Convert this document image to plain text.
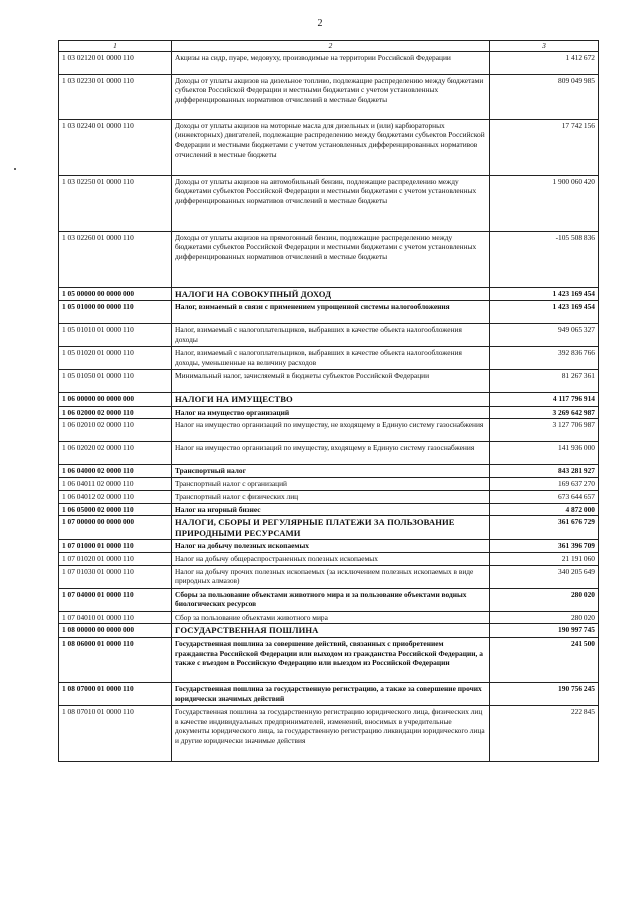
2
1	2	3
1 03 02120 01 0000 110	Акцизы на сидр, пуаре, медовуху, производимые на территории Российской Федерации	1 412 672
1 03 02230 01 0000 110	Доходы от уплаты акцизов на дизельное топливо, подлежащие распределению между бюджетами субъектов Российской Федерации и местными бюджетами с учетом установленных дифференцированных нормативов отчислений в местные бюджеты	809 049 985
1 03 02240 01 0000 110	Доходы от уплаты акцизов на моторные масла для дизельных и (или) карбюраторных (инжекторных) двигателей, подлежащие распределению между бюджетами субъектов Российской Федерации и местными бюджетами с учетом установленных дифференцированных нормативов отчислений в местные бюджеты	17 742 156
1 03 02250 01 0000 110	Доходы от уплаты акцизов на автомобильный бензин, подлежащие распределению между бюджетами субъектов Российской Федерации и местными бюджетами с учетом установленных дифференцированных нормативов отчислений в местные бюджеты	1 900 060 420
1 03 02260 01 0000 110	Доходы от уплаты акцизов на прямогонный бензин, подлежащие распределению между бюджетами субъектов Российской Федерации и местными бюджетами с учетом установленных дифференцированных нормативов отчислений в местные бюджеты	-105 508 836
1 05 00000 00 0000 000	НАЛОГИ НА СОВОКУПНЫЙ ДОХОД	1 423 169 454
1 05 01000 00 0000 110	Налог, взимаемый в связи с применением упрощенной системы налогообложения	1 423 169 454
1 05 01010 01 0000 110	Налог, взимаемый с налогоплательщиков, выбравших в качестве объекта налогообложения доходы	949 065 327
1 05 01020 01 0000 110	Налог, взимаемый с налогоплательщиков, выбравших в качестве объекта налогообложения доходы, уменьшенные на величину расходов	392 836 766
1 05 01050 01 0000 110	Минимальный налог, зачисляемый в бюджеты субъектов Российской Федерации	81 267 361
1 06 00000 00 0000 000	НАЛОГИ НА ИМУЩЕСТВО	4 117 796 914
1 06 02000 02 0000 110	Налог на имущество организаций	3 269 642 987
1 06 02010 02 0000 110	Налог на имущество организаций по имуществу, не входящему в Единую систему газоснабжения	3 127 706 987
1 06 02020 02 0000 110	Налог на имущество организаций по имуществу, входящему в Единую систему газоснабжения	141 936 000
1 06 04000 02 0000 110	Транспортный налог	843 281 927
1 06 04011 02 0000 110	Транспортный налог с организаций	169 637 270
1 06 04012 02 0000 110	Транспортный налог с физических лиц	673 644 657
1 06 05000 02 0000 110	Налог на игорный бизнес	4 872 000
1 07 00000 00 0000 000	НАЛОГИ, СБОРЫ И РЕГУЛЯРНЫЕ ПЛАТЕЖИ ЗА ПОЛЬЗОВАНИЕ ПРИРОДНЫМИ РЕСУРСАМИ	361 676 729
1 07 01000 01 0000 110	Налог на добычу полезных ископаемых	361 396 709
1 07 01020 01 0000 110	Налог на добычу общераспространенных полезных ископаемых	21 191 060
1 07 01030 01 0000 110	Налог на добычу прочих полезных ископаемых (за исключением полезных ископаемых в виде природных алмазов)	340 205 649
1 07 04000 01 0000 110	Сборы за пользование объектами животного мира и за пользование объектами водных биологических ресурсов	280 020
1 07 04010 01 0000 110	Сбор за пользование объектами животного мира	280 020
1 08 00000 00 0000 000	ГОСУДАРСТВЕННАЯ ПОШЛИНА	190 997 745
1 08 06000 01 0000 110	Государственная пошлина за совершение действий, связанных с приобретением гражданства Российской Федерации или выходом из гражданства Российской Федерации, а также с въездом в Российскую Федерацию или выездом из Российской Федерации	241 500
1 08 07000 01 0000 110	Государственная пошлина за государственную регистрацию, а также за совершение прочих юридически значимых действий	190 756 245
1 08 07010 01 0000 110	Государственная пошлина за государственную регистрацию юридического лица, физических лиц в качестве индивидуальных предпринимателей, изменений, вносимых в учредительные документы юридического лица, за государственную регистрацию ликвидации юридического лица и другие юридически значимые действия	222 845
